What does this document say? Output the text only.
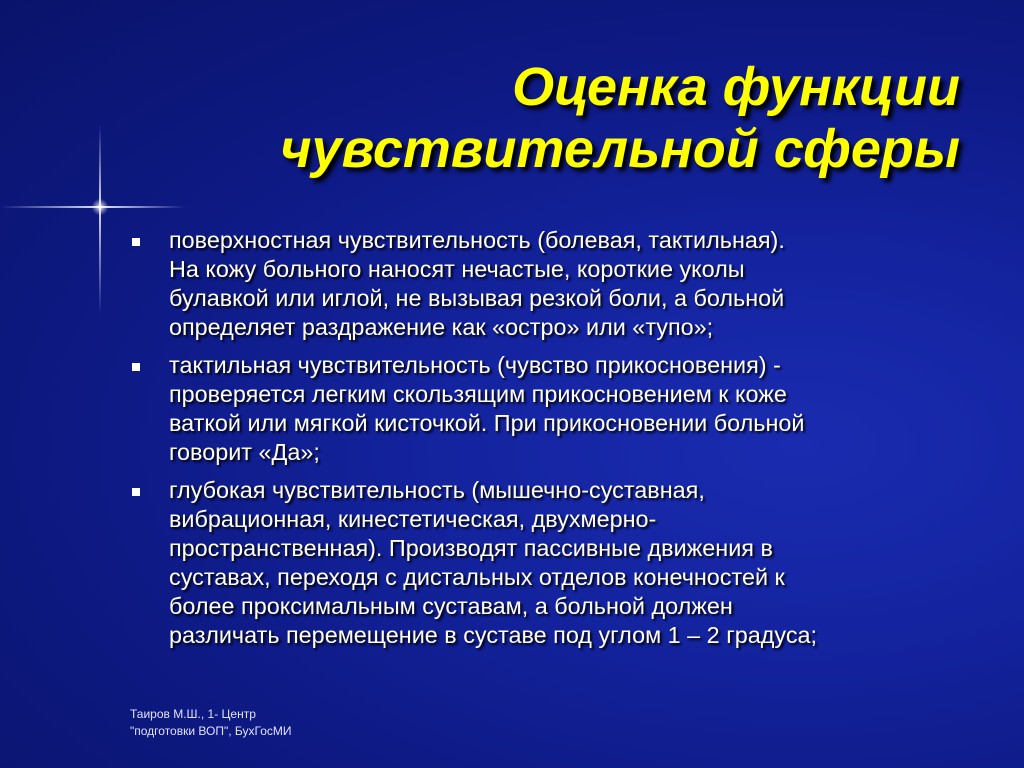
Оценка функции
чувствительной сферы
поверхностная чувствительность (болевая, тактильная).
На кожу больного наносят нечастые, короткие уколы
булавкой или иглой, не вызывая резкой боли, а больной
определяет раздражение как «остро» или «тупо»;
тактильная чувствительность (чувство прикосновения) -
проверяется легким скользящим прикосновением к коже
ваткой или мягкой кисточкой. При прикосновении больной
говорит «Да»;
глубокая чувствительность (мышечно-суставная,
вибрационная, кинестетическая, двухмерно-
пространственная). Производят пассивные движения в
суставах, переходя с дистальных отделов конечностей к
более проксимальным суставам, а больной должен
различать перемещение в суставе под углом 1 – 2 градуса;
Таиров М.Ш., 1- Центр
"подготовки ВОП", БухГосМИ
